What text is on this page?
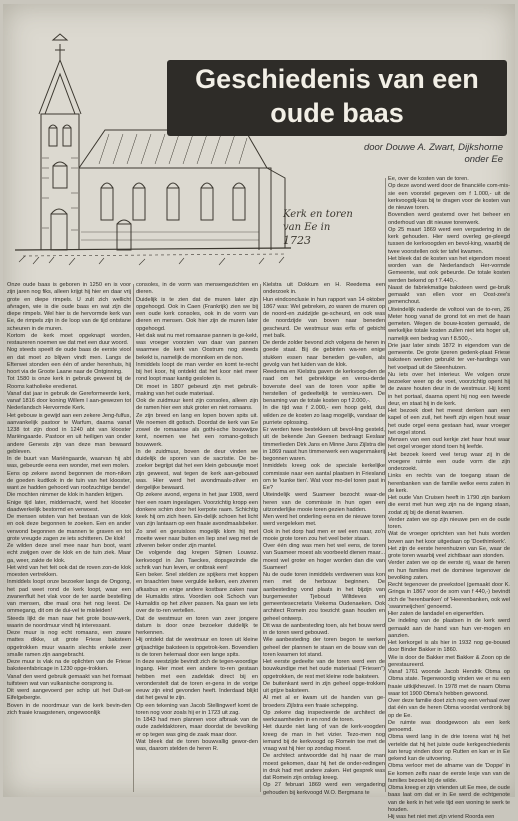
Kerk en toren
van Ee in
1723
Geschiedenis van een
oude baas
door Douwe A. Zwart, Dijkshorne
onder Ee

Onze oude baas is geboren in 1250 en is voor zijn jaren nog fiks, alleen krijgt hij hier en daar vrij grote en diepe rimpels. U zult zich wellicht afvragen, wie is die oude baas en wat zijn die diepe rimpels. Wel hier is de hervormde kerk van Ee, de rimpels zijn in de loop van de tijd ontstane scheuren in de muren.

Kortom de kerk moet opgeknapt worden, restaureren noemen we dat met een duur woord.

Nog steeds speelt de oude baas de eerste viool en dat moet zo blijven vindt men. Langs de Efterwei stonden een één of ander herenhuis, hij hoort via de Groote Laane naar de Ontginning.

Tot 1580 is onze kerk in gebruik geweest bij de Rooms katholieke eredienst.

Vanaf dat jaar in gebruik de Gereformeerde kerk, vanaf 1816 door koning Willem I aan-gewezen tot Nederlandsch Hervormde Kerk.

Het gebouw is gewijd aan een zekere Jeng-fulfus, aanvankelijk pastoor te Warfum, daarna vanaf 1238 tot zijn dood in 1240 abt van klooster Mariëngaarde. Pastoor en uit heiligen van onder andere Genesis zijn van deze man bewaard gebleven.

In de buurt van Mariëngaarde, waarvan hij abt was, gebeurde eens een wonder, met een molen.

Eens op zekere avond begonnen de mon-niken de goeden kudtkok in de tuin van het klooster, want ze hadden gehoord van roofzuchtige bende!

Die mochten nimmer de klok in handen krijgen.

Enige tijd later, middernacht, werd het klooster daadwerkelijk bestormd en verwoest.

De mensen wisten van het bestaan van de klok en ook deze begonnen te zoeken. Een en ander verwond begonnen de mannen te graven en tot grote vreugde zagen ze iets schitteren. De klok!

Ze wilden deze snel mee naar hun boot, want echt zwijgen over de klok en de tuin ziek. Maar ga, weer, zakte de klok.

Het wird van het feit ook dat de roven zon-de klok moesten vertrekken.

Inmiddels loopt onze bezoeker langs de Ongong, het pad weet rond de kerk loopt, waar een zwanenfluit het vlak voor de ter aarde bestelling van mensen, dbe maal ons het nog leest. De ommegang, dit om de dui-vel te misleiden!

Steeds lijkt de man naar het grote bouw-werk, waarin de noordmuur vindt hij interessant.

Deze muur is nog echt romaans, een zware mattes dikke, uit grote Friese baksteen opgetrokken muur waarin slechts enkele zeer smalle ramen zijn aangebracht.

Deze muur is vlak na de oplichten van de Friese baksteenfabricage in 1230 opge-trokken.

Vanaf den werd gebruik gemaakt van het formaat tuifsteen wat van vulkanische oorsprong is.

Dit werd aangevoerd per schip uit het Duit-se Eifelgebergte.

Boven in de noordmuur van de kerk bevin-den zich fraaie kraagstenen, ongewoonlijk

consoles, in de vorm van mensengezichten en dieren.

Duidelijk is te zien dat de muren later zijn opgehoogd. Ook in Caen (Frankrijk) zien we bij een oude kerk consoles, ook in de vorm van dieren en mensen. Ook hier zijn de muren later opgehoogd.

Het dak wat nu met romaanse pannen is ge-kekt, was vroeger voorzien van daar van pannen waarmee de kerk van Oostrum nog steeds bekekt is, namelijk de monniken en de non.

Inmiddels loopt de man verder en komt te-recht bij het koor, hij ontdekt dat het koor niet meer rond loopt maar kantig gesloten is.

Dit moet in 1807 gebeurd zijn met gebruik-making van het oude materiaal.

Ook de zuidmuur kent zijn consoles, alleen zijn de ramen hier een stuk groter en niet romaans.

Ze zijn breed en lang en lopen boven spits uit. We noemen dit gotisch. Doordat de kerk van Ee zowel de romaanse als gothi-sche bouwwijze kent, noemen we het een romano-gotisch bouwwerk.

In de zuidmuur, boven de deur vinden we duidelijk de sporen van de sacristie. De be-zoeker begrijpt dat het een klein gebouwtje moet zijn geweest, wat tegen de kerk aan-gebouwd was. Hier werd het avondmaals-zilver en dergelijke bewaard.

Op zekere avond, ergens in het jaar 1908, werd hier een roam ingeslagen. Voorzichtig kropp een donkere schim door het kerpote raam. Schichtig keek hij om zich heen. Ein-delijk schoen het licht van zijn lantaarn op een fraaie avondmaalsbeker.

Zo snel en geruisloos mogelijk klom hij met moeite weer naar buiten en liep snel weg met de zilveren beker onder zijn mantel.

De volgende dag kregen Sijmen Louwsz. kerkvoogd in Jan Taeckes, dopsgezinde die schrik van hun leven, er ontbrak een!

Een beker. Snel stelden ze spijkers met koppen en braachten twee vergulde kelken, een ziveren afkasbus en enige andere kostbare zaken naar de Humaldis stins. Voordien ook Schoch van Humaldis op het zilver passen. Na gaan we iets over de to-ren vertellen.

Dat de westmuur en toren van zeer jongere datum is door onze bezoeker duidelijk te herkennen.

Hij ontdekt dat de westmuur en toren uit kleine grijsachtige baksteen is opgetrok-ken. Bovendien is de toren helemaal door een lange spits.

In deze westzijde bevindt zich de tegen-woordige ingang. Hier moet een andere to-ren gestaan hebben met een zadeldak direct bij en veronderstelt dat de toren er-gens in de vorige eeuw zijn eind gevonden heeft. Inderdaad blijkt dat het geval te zijn.

Op een tekening van Jacob Stellingwerf komt de toren nog voor zoals hij er in 1723 uit zag.

In 1843 had men plannen voor afbraak van de oude zadeldaktoren, maar doordat de bevolking er op tegen was ging de zaak maar door.

Wat bleek dat de toren bouwvallig gewor-den was, daarom stelden de heren R.

Kielstra uit Dokkum en H. Reedema een onderzoek in.

Hun eindconclusie in hun rapport van 14 oktober 1867 was: Wel gebreken, zo waren de muren op de noord-en zuidzijde ge-scheurd, en ook was de noordzijde van boven naar beneden gescheurd. De westmuur was erfis of gebicht met balk.

De derde zolder bevond zich volgens de heren in goede staat. Bij de gebinten wa-ren enige stukken essen naar beneden ge-vallen, als gevolg van het luiden van de klok.

Reedema en Kielstra gaven de kerkvoog-den de raad om het gebrekkige en verou-derde bovenste deel van de toren voor spitie te herstellen of gedeeltelijk te vernieu-wen. De benaming van de totale kosten op f 2.000,-.

In die tijd was f 2.000,- een hoop geld, dus wilden ze de kosten zo laag mogelijk, vandaar de purriete oplossing.

Er werden twee bestekken uit bevol-ling gesteld, uit de bekende Jan Geesen bedraagt Eeslaar timmerlieden Dirk Jans en Minne Jans Zijlstra die in 1869 naast hun timmerwerk een wagenmakerij begonnen waren.

Inmiddels kreeg ook de speciale kerkelijke commissie naar een aantal plaatsen in Friesland om te 'kunke tien'. Wat voor mo-del toren past in Ee?

Uiteindelijk werd Suameer bezocht waar-de heren van de commissie in hun ogen een uitzonderlijke mooie toren gezien hadden.

Men werd het onderling eens en de nieuwe toren werd vergeleken met.

Ook in het dorp had men er wel een naar, zo'n mooie grote toren zou het veel beter staan.

Over één ding was men het wel eens, de toren van Suameer moest als voorbeeld dienen maar... moest wel groter en hoger worden dan die van Suameer!

Nu de oude toren inmiddels verdwenen was kon men met de herbouw beginnen. De aanbesteding vond plaats in het bijzijn van burgemeester Tjeboud Wiltdeves en gemeentesecretaris Viekema Oudenaeken. Ook architect Romein zou toezicht gaan houden en geheel ontwerp.

Dit was de aanbesteding toen, als het bouw werd in de toren werd gebouwd.

Wie aanbesteding der toren begon te werken geheel der plannen te staan en de bouw van de toren kwamen tot stand.

Het eerste gedeelte van de toren werd een de bouwkundige met het oude materiaal ("Friesen") opgetrokken, de rest met kleine rode baksteen.

De buitenkant werd in zijn geheel opge-trokken uit grijze baksteen.

Al met al er kwam uit de handen van ge-broeders Zijlstra een fraaie schepping.

Op zekere dag inspecteerde de architect de werkzaamheden in en rond de toren.

Het duurde niet lang of van de kerk-voogden kreeg de man in het vizier. Tezo-men nog iemand bij de kerkvoogd op Romein toe met de vraag wat hij hier op zondag moest.

De architect antwoordde dat hij naar de man moest gekomen, daar hij het de onder-redingen in druk had met andere zaken. Het gesprek was dat Romein zijn ontslag kreeg.

Op 27 februari 1869 werd een vergadering gehouden bij kerkvoogd W.O. Bergmans te

Ee, over de kosten van de toren.

Op deze avond werd door de financiële com-mis-sie een voorstel gegeven om f 1.000,- uit de kerkvoogdij-kas bij te dragen voor de kosten van de nieuwe toren.

Bovendien werd gestemd over het beheer en onderhoud van dit nieuwe torenwerk.

Op 25 maart 1869 werd een vergadering in de kerk gehouden. Hier werd overleg ge-pleegd tussen de kerkvoogden en bevol-king, waarbij de twee voorstellen ook ter tafel kwamen.

Het bleek dat de kosten van het eigendom moest worden van de Nederlandsch Her-vormde Gemeente, wat ook gebeurde. De totale kosten werden bekend op f 7.440,-.

Naast de fabriekmatige baksteen werd ge-bruik gemaakt van ellen voor en Oost-zee's gemenchout.

Uiteindelijk naderde de voltooi van de to-ren, 26 Meter hoog vanaf de grond tot en met de haan gemeten. Wegen de bouw-kosten gemaakt, de werkelijke totale kosten zullen niet iets hoger uit, namelijk een bedrag van f 8.500,-.

Drie jaar later sinds 1872 in eigendom van de gemeente. De grote ijzeren gedenk-plaat Friese baksteen werden gebruikt ter ver-hardings van het voetpad uit de Steenhuizen.

Nu iets over het interieur. We volgen onze bezoeker weer op de voet, voorzichtig opent hij de zware houten deur in de westmuur. Hij komt in het portaal, daarna opent hij nog een tweede deur, en staat hij in de kerk.

Het bezoek doet het meest denken aan een kapel of een zuil, het heeft zijn eigen hout waar het oude orgel eens gestaan had, waar vroeger het orgel stond.

Mensen van een oud kerkje ziet haar hout waar het orgel vroeger stond toen hij leefde.

Het bezoek keerd veel terug waar zij in de vroegere ruimte een oude vorm die zijn onderzoekt.

Links en rechts van de toegang staan de herenbanken van de familie welke eens zaten in de kerk.

Het oude Van Cruisen heeft in 1790 zijn banken die eerst met hun weg zijn na de ingang staan, zodat zij bij de dienst kwamen.

Verder zaten we op zijn nieuwe pen en de oude toren.

Wat de vroeger oprichten van het huis worden boven aan het koor uitgedaan op 'Doethimkerk'.

Het zijn de eerste herenhuizen van Ee, waar de grote toren waarbij veel zichtbaar aan stonden.

Verder zaten we op de eerste rij, waar de heren en hun families met de dominee tegenover de bevolking zaten.

Recht tegenover de preekstoel (gemaakt door K. Gringa in 1867 voor de som van f 440,-) bevindt zich de 'herenbanken' of 'Heerenbanken, ook wel 'swanmeijchen' genoemd.

Hier zaten de landadel en eigenerfden.

De indeling van de plaatsen in de kerk werd gemaakt aan de hand van hun ver-mogen en aanzien.

Het kerkorgel is als hier in 1932 nog ge-bouwd door Binder Bakker in 1860.

Wie is door de Bakker met Bakker & Zoon op de gerestaureerd.

Vanaf 1761 woonde Jacob Hendrik Obma op Obma state. Tegenwoordig vinden we er nu een fraaie uitkijkheuvel. In 1978 met de naam Obma waar tot 1900 Obma's hebben gewoond.

Over deze familie doet zich nog een verhaal over dat één van de heren Obma voordat verdronk bij op de Ee.

De ruimte was doodgewoon als een kerk genoemd.

Obma werd lang in de drie torens wist hij het vertelde dat hij het juiste oude kerkgeschiedenis kan terug vinden door op Rutten en kan er in Ee gekend kan de uitvoering.

Obma verloor met de afname van de 'Doppe' in Ee komen zelfs naar de eerste lesje van van de families bezoek bij de wilde.

Obma kreeg er zijn vrienden uit Ee mee, de oude baas laat om dat er in Ee werd de echtgenote van de kerk in het vele tijd een woning te werk te houden.

Hij was het niet met zijn vriend Roorda een
